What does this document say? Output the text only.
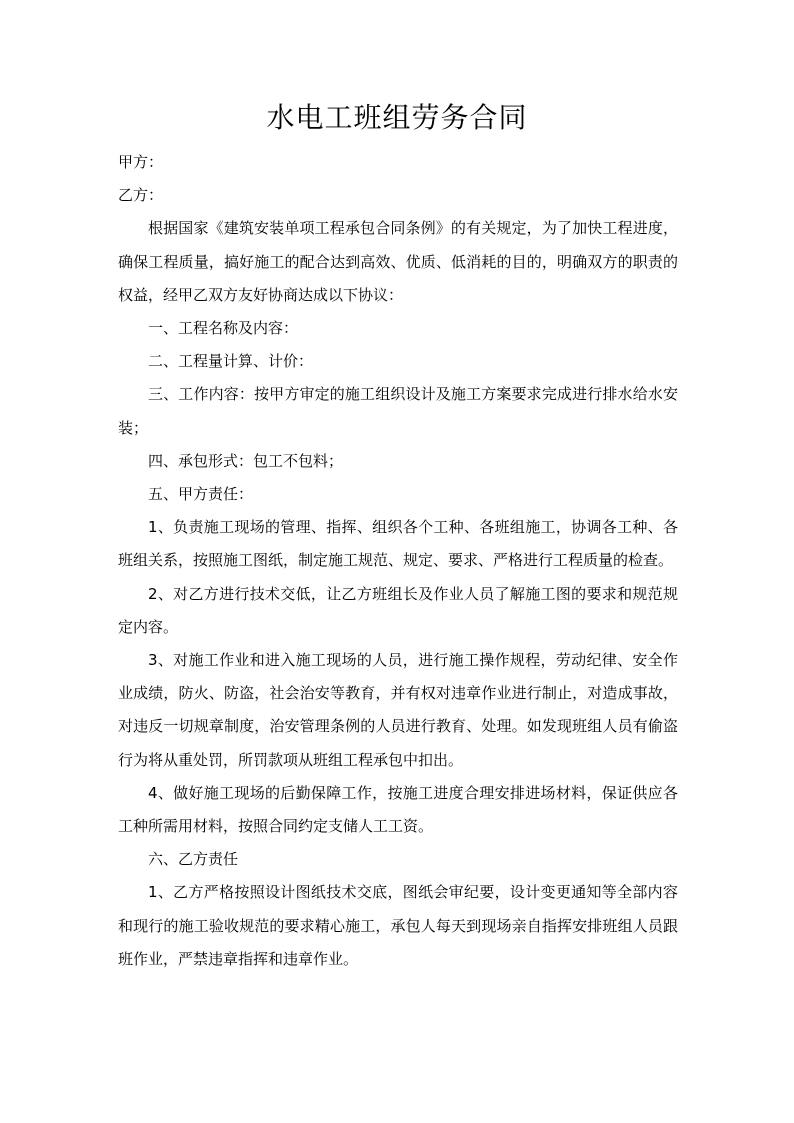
水电工班组劳务合同

甲方：

乙方：

根据国家《建筑安装单项工程承包合同条例》的有关规定，为了加快工程进度，确保工程质量，搞好施工的配合达到高效、优质、低消耗的目的，明确双方的职责的权益，经甲乙双方友好协商达成以下协议：

一、工程名称及内容：

二、工程量计算、计价：

三、工作内容：按甲方审定的施工组织设计及施工方案要求完成进行排水给水安装；

四、承包形式：包工不包料；

五、甲方责任：

1、负责施工现场的管理、指挥、组织各个工种、各班组施工，协调各工种、各班组关系，按照施工图纸，制定施工规范、规定、要求、严格进行工程质量的检查。

2、对乙方进行技术交低，让乙方班组长及作业人员了解施工图的要求和规范规定内容。

3、对施工作业和进入施工现场的人员，进行施工操作规程，劳动纪律、安全作业成绩，防火、防盗，社会治安等教育，并有权对违章作业进行制止，对造成事故，对违反一切规章制度，治安管理条例的人员进行教育、处理。如发现班组人员有偷盗行为将从重处罚，所罚款项从班组工程承包中扣出。

4、做好施工现场的后勤保障工作，按施工进度合理安排进场材料，保证供应各工种所需用材料，按照合同约定支储人工工资。

六、乙方责任

1、乙方严格按照设计图纸技术交底，图纸会审纪要，设计变更通知等全部内容和现行的施工验收规范的要求精心施工，承包人每天到现场亲自指挥安排班组人员跟班作业，严禁违章指挥和违章作业。
